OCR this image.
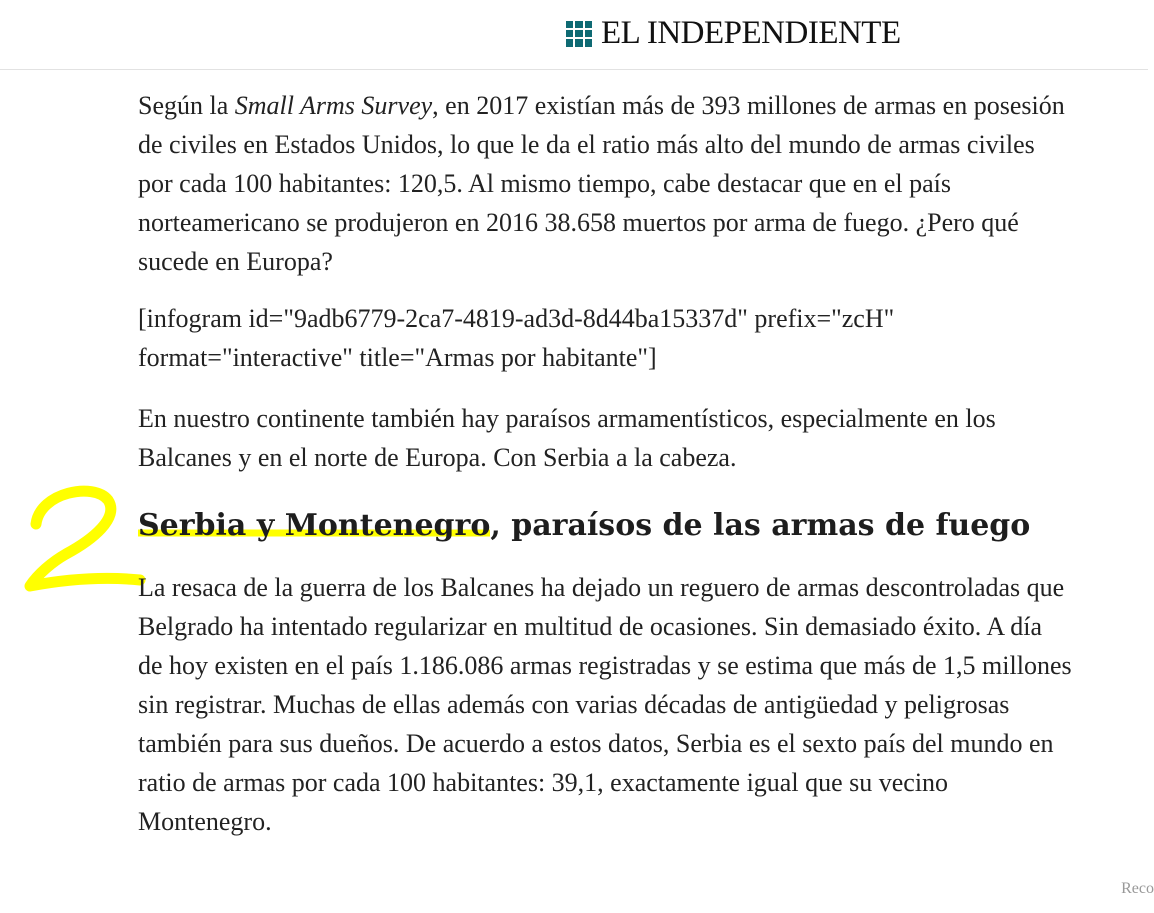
EL INDEPENDIENTE

Según la Small Arms Survey, en 2017 existían más de 393 millones de armas en posesión de civiles en Estados Unidos, lo que le da el ratio más alto del mundo de armas civiles por cada 100 habitantes: 120,5. Al mismo tiempo, cabe destacar que en el país norteamericano se produjeron en 2016 38.658 muertos por arma de fuego. ¿Pero qué sucede en Europa?

[infogram id="9adb6779-2ca7-4819-ad3d-8d44ba15337d" prefix="zcH" format="interactive" title="Armas por habitante"]

En nuestro continente también hay paraísos armamentísticos, especialmente en los Balcanes y en el norte de Europa. Con Serbia a la cabeza.

Serbia y Montenegro, paraísos de las armas de fuego

La resaca de la guerra de los Balcanes ha dejado un reguero de armas descontroladas que Belgrado ha intentado regularizar en multitud de ocasiones. Sin demasiado éxito. A día de hoy existen en el país 1.186.086 armas registradas y se estima que más de 1,5 millones sin registrar. Muchas de ellas además con varias décadas de antigüedad y peligrosas también para sus dueños. De acuerdo a estos datos, Serbia es el sexto país del mundo en ratio de armas por cada 100 habitantes: 39,1, exactamente igual que su vecino Montenegro.

Reco
